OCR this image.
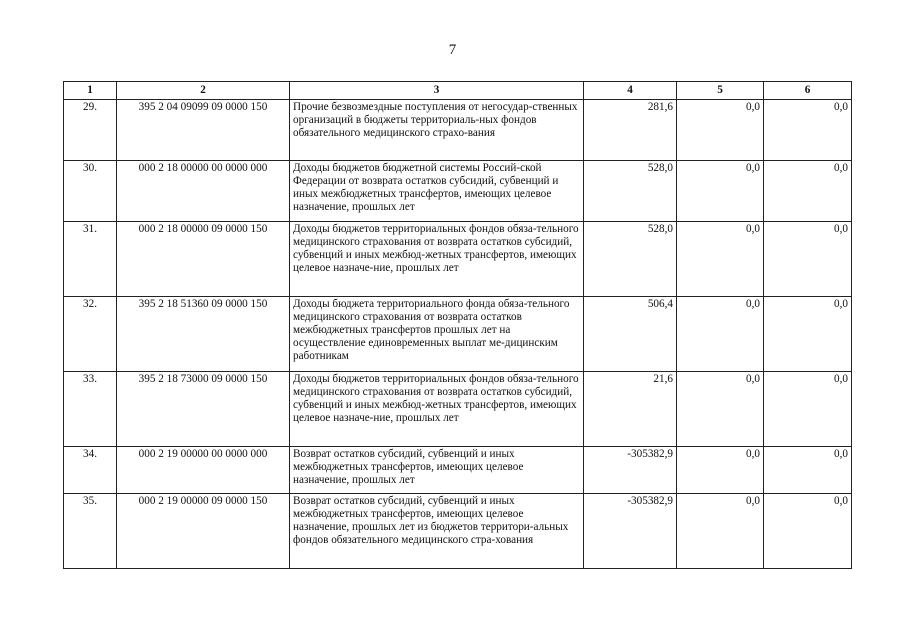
7
1	2	3	4	5	6
29.	395 2 04 09099 09 0000 150	Прочие безвозмездные поступления от негосудар-ственных организаций в бюджеты территориаль-ных фондов обязательного медицинского страхо-вания	281,6	0,0	0,0
30.	000 2 18 00000 00 0000 000	Доходы бюджетов бюджетной системы Россий-ской Федерации от возврата остатков субсидий, субвенций и иных межбюджетных трансфертов, имеющих целевое назначение, прошлых лет	528,0	0,0	0,0
31.	000 2 18 00000 09 0000 150	Доходы бюджетов территориальных фондов обяза-тельного медицинского страхования от возврата остатков субсидий, субвенций и иных межбюд-жетных трансфертов, имеющих целевое назначе-ние, прошлых лет	528,0	0,0	0,0
32.	395 2 18 51360 09 0000 150	Доходы бюджета территориального фонда обяза-тельного медицинского страхования от возврата остатков межбюджетных трансфертов прошлых лет на осуществление единовременных выплат ме-дицинским работникам	506,4	0,0	0,0
33.	395 2 18 73000 09 0000 150	Доходы бюджетов территориальных фондов обяза-тельного медицинского страхования от возврата остатков субсидий, субвенций и иных межбюд-жетных трансфертов, имеющих целевое назначе-ние, прошлых лет	21,6	0,0	0,0
34.	000 2 19 00000 00 0000 000	Возврат остатков субсидий, субвенций и иных межбюджетных трансфертов, имеющих целевое назначение, прошлых лет	-305382,9	0,0	0,0
35.	000 2 19 00000 09 0000 150	Возврат остатков субсидий, субвенций и иных межбюджетных трансфертов, имеющих целевое назначение, прошлых лет из бюджетов территори-альных фондов обязательного медицинского стра-хования	-305382,9	0,0	0,0
